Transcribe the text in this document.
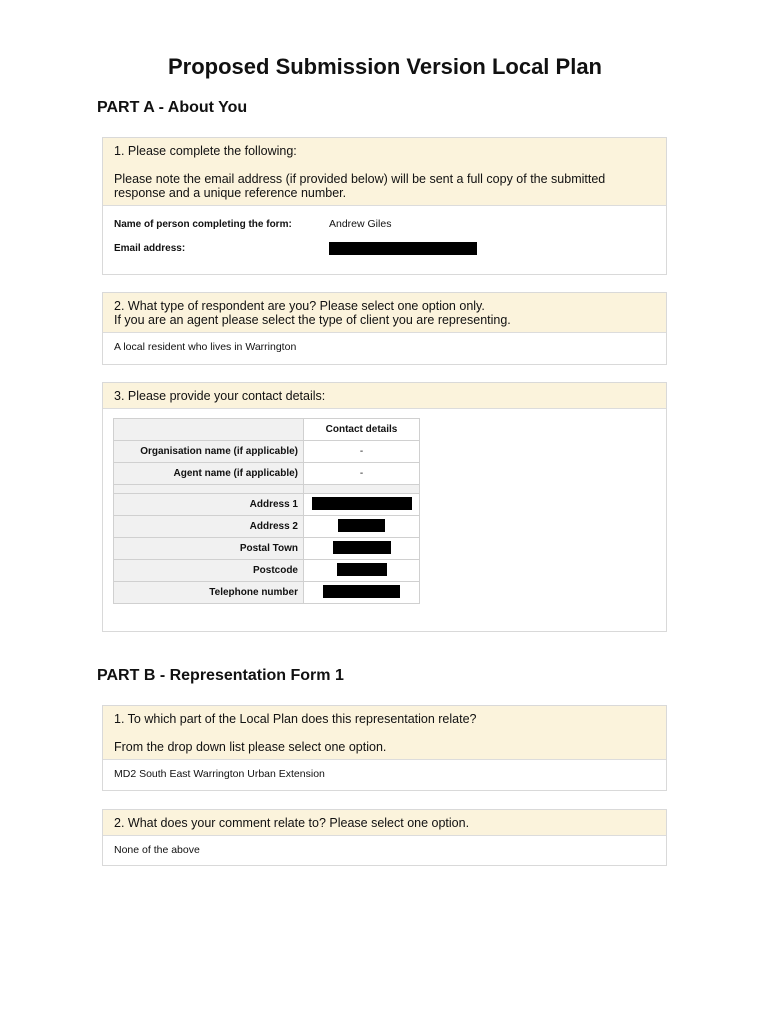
Proposed Submission Version Local Plan
PART A - About You

1. Please complete the following:

Please note the email address (if provided below) will be sent a full copy of the submitted response and a unique reference number.

Name of person completing the form:	Andrew Giles
Email address:

2. What type of respondent are you? Please select one option only.

If you are an agent please select the type of client you are representing.

A local resident who lives in Warrington

3. Please provide your contact details:

	Contact details
Organisation name (if applicable)	-
Agent name (if applicable)	-

Address 1	
Address 2	
Postal Town	
Postcode	
Telephone number	
PART B - Representation Form 1

1. To which part of the Local Plan does this representation relate?

From the drop down list please select one option.

MD2 South East Warrington Urban Extension

2. What does your comment relate to? Please select one option.

None of the above
